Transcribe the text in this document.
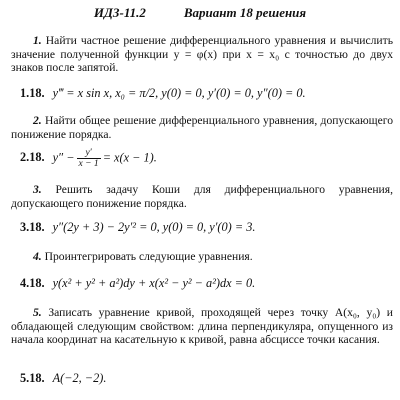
ИДЗ-11.2	Вариант 18 решения
1. Найти частное решение дифференциального уравнения и вычислить значение полученной функции y = φ(x) при x = x₀ с точностью до двух знаков после запятой.
1.18. y‴ = x sin x, x₀ = π/2, y(0) = 0, y′(0) = 0, y″(0) = 0.
2. Найти общее решение дифференциального уравнения, допускающего понижение порядка.
2.18. $y'' - \frac{y'}{x - 1} = x(x - 1)$.
3. Решить задачу Коши для дифференциального уравнения, допускающего понижение порядка.
3.18. y″(2y + 3) − 2y′² = 0, y(0) = 0, y′(0) = 3.
4. Проинтегрировать следующие уравнения.
4.18. y(x² + y² + a²)dy + x(x² − y² − a²)dx = 0.
5. Записать уравнение кривой, проходящей через точку A(x₀, y₀) и обладающей следующим свойством: длина перпендикуляра, опущенного из начала координат на касательную к кривой, равна абсциссе точки касания.
5.18. A(−2, −2).
